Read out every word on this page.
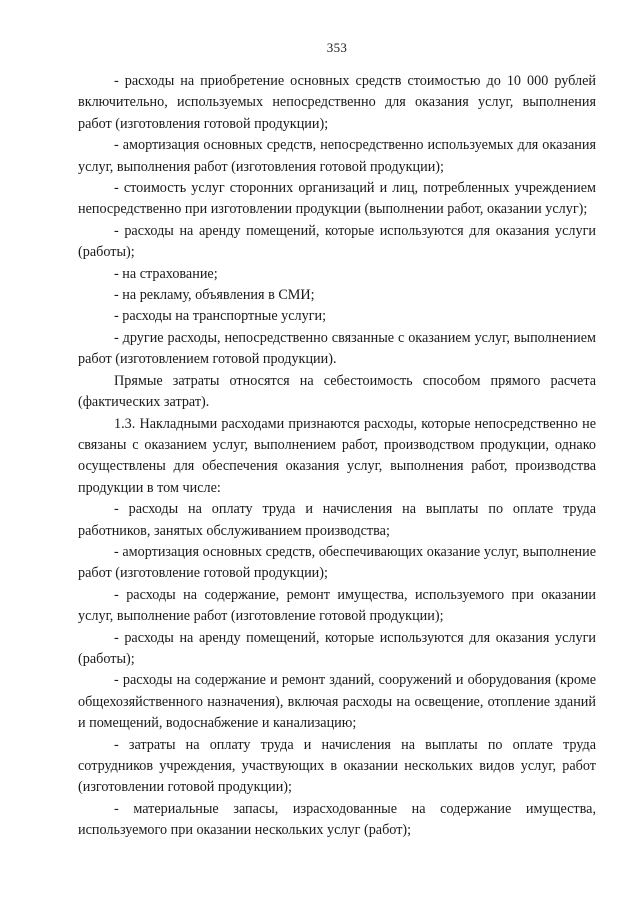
353

- расходы на приобретение основных средств стоимостью до 10 000 рублей включительно, используемых непосредственно для оказания услуг, выполнения работ (изготовления готовой продукции);

- амортизация основных средств, непосредственно используемых для оказания услуг, выполнения работ (изготовления готовой продукции);

- стоимость услуг сторонних организаций и лиц, потребленных учреждением непосредственно при изготовлении продукции (выполнении работ, оказании услуг);

- расходы на аренду помещений, которые используются для оказания услуги (работы);

- на страхование;

- на рекламу, объявления в СМИ;

- расходы на транспортные услуги;

- другие расходы, непосредственно связанные с оказанием услуг, выполнением работ (изготовлением готовой продукции).

Прямые затраты относятся на себестоимость способом прямого расчета (фактических затрат).

1.3. Накладными расходами признаются расходы, которые непосредственно не связаны с оказанием услуг, выполнением работ, производством продукции, однако осуществлены для обеспечения оказания услуг, выполнения работ, производства продукции в том числе:

- расходы на оплату труда и начисления на выплаты по оплате труда работников, занятых обслуживанием производства;

- амортизация основных средств, обеспечивающих оказание услуг, выполнение работ (изготовление готовой продукции);

- расходы на содержание, ремонт имущества, используемого при оказании услуг, выполнение работ (изготовление готовой продукции);

- расходы на аренду помещений, которые используются для оказания услуги (работы);

- расходы на содержание и ремонт зданий, сооружений и оборудования (кроме общехозяйственного назначения), включая расходы на освещение, отопление зданий и помещений, водоснабжение и канализацию;

- затраты на оплату труда и начисления на выплаты по оплате труда сотрудников учреждения, участвующих в оказании нескольких видов услуг, работ (изготовлении готовой продукции);

- материальные запасы, израсходованные на содержание имущества, используемого при оказании нескольких услуг (работ);
